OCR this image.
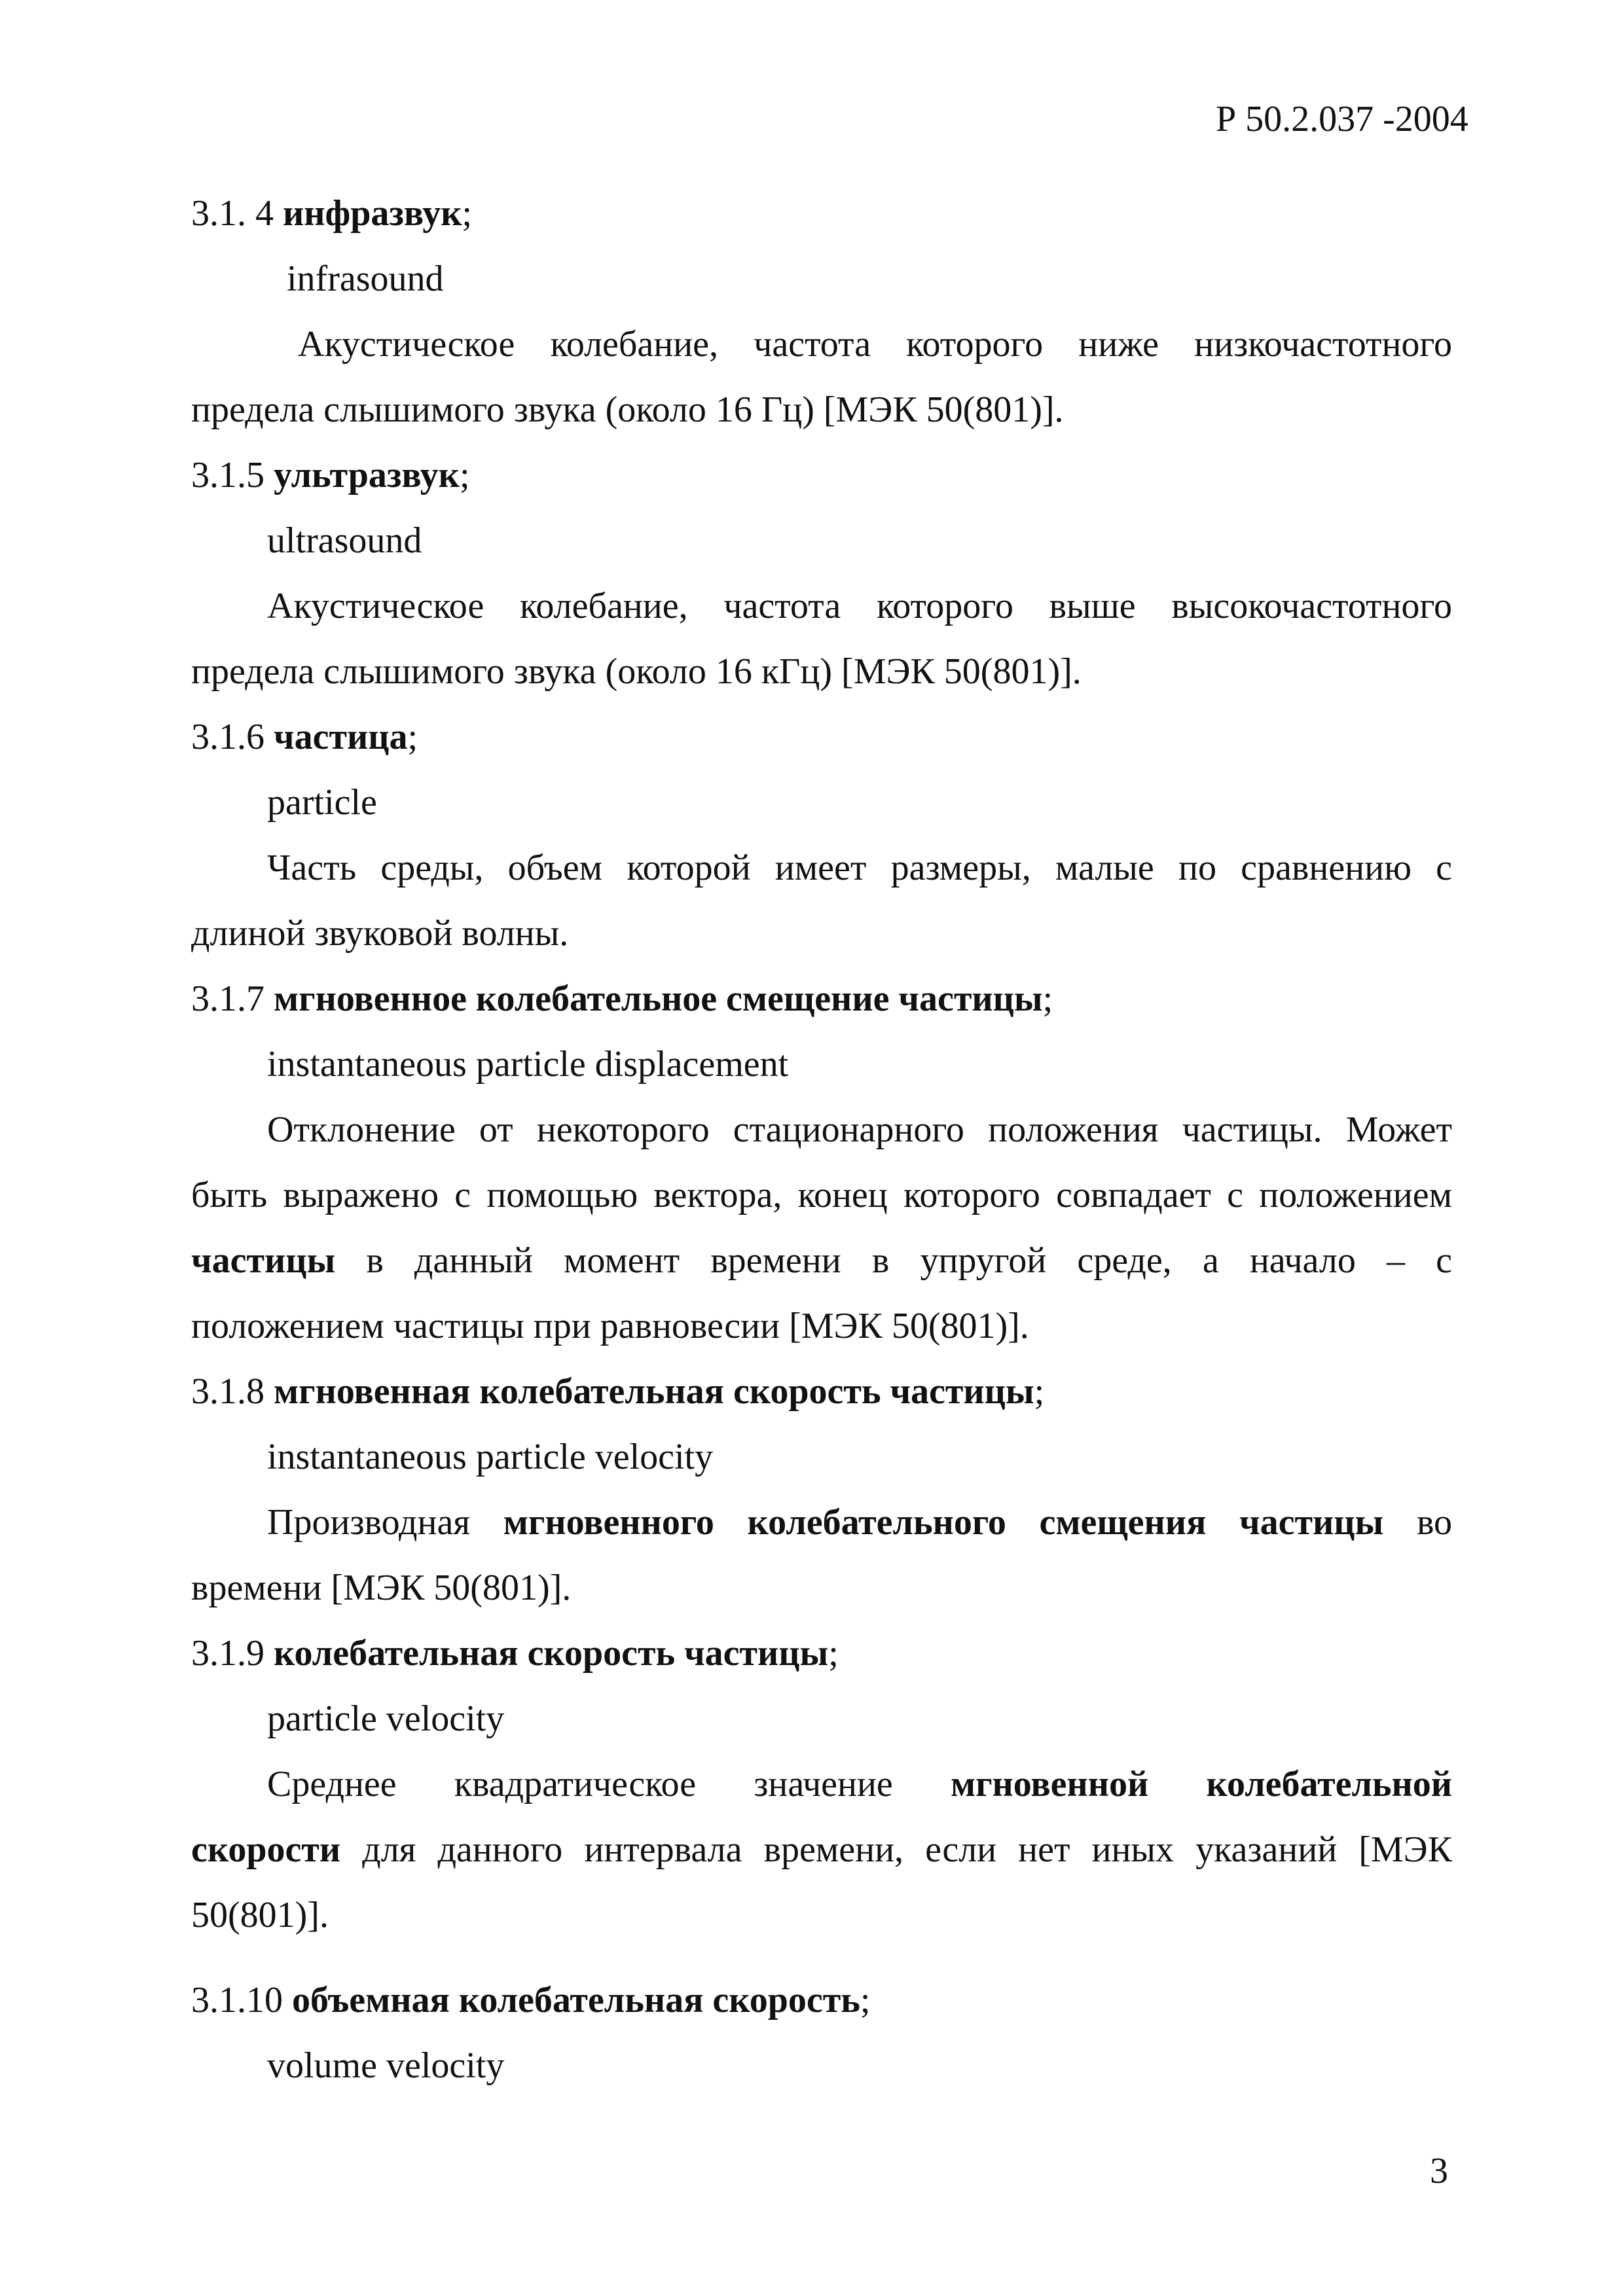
Р 50.2.037 -2004
3.1. 4 инфразвук;
infrasound
Акустическое колебание, частота которого ниже низкочастотного
предела слышимого звука (около 16 Гц) [МЭК 50(801)].
3.1.5 ультразвук;
ultrasound
Акустическое колебание, частота которого выше высокочастотного
предела слышимого звука (около 16 кГц) [МЭК 50(801)].
3.1.6 частица;
particle
Часть среды, объем которой имеет размеры, малые по сравнению с
длиной звуковой волны.
3.1.7 мгновенное колебательное смещение частицы;
instantaneous particle displacement
Отклонение от некоторого стационарного положения частицы. Может
быть выражено с помощью вектора, конец которого совпадает с положением
частицы в данный момент времени в упругой среде, а начало – с
положением частицы при равновесии [МЭК 50(801)].
3.1.8 мгновенная колебательная скорость частицы;
instantaneous particle velocity
Производная мгновенного колебательного смещения частицы во
времени [МЭК 50(801)].
3.1.9 колебательная скорость частицы;
particle velocity
Среднее квадратическое значение мгновенной колебательной
скорости для данного интервала времени, если нет иных указаний [МЭК
50(801)].
3.1.10 объемная колебательная скорость;
volume velocity
3
